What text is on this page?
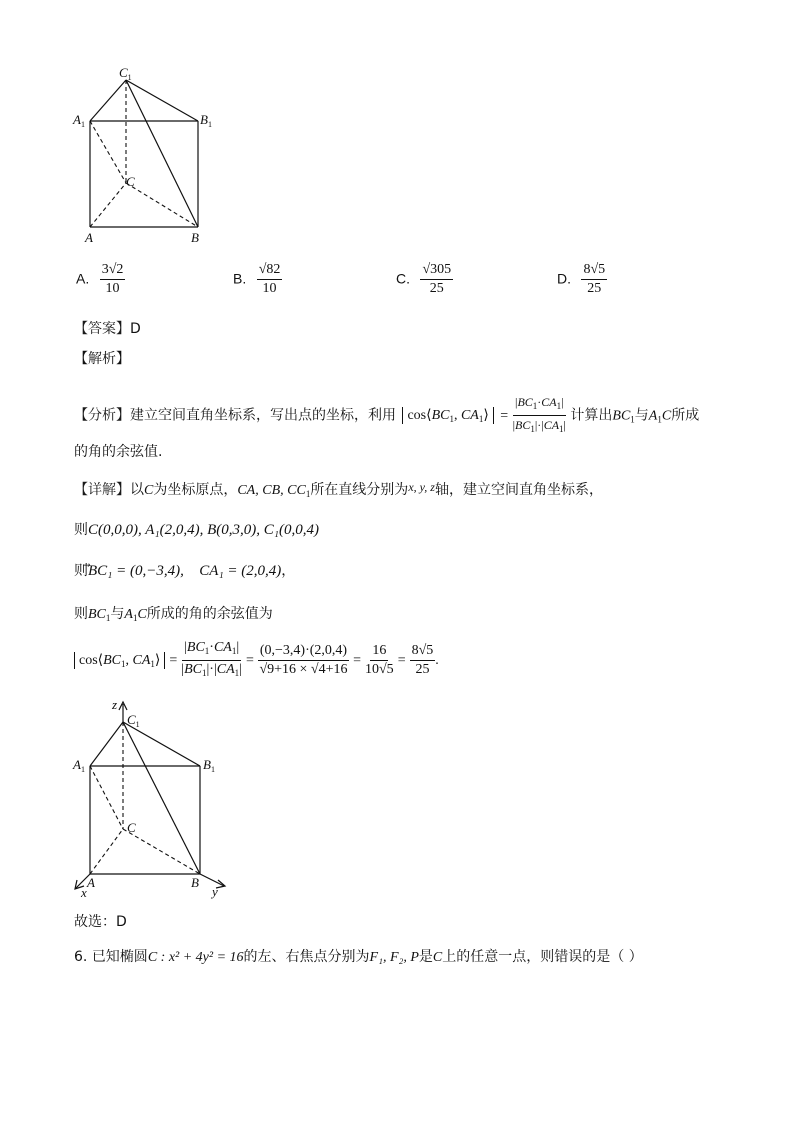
$C_1$
$A_1$	$B_1$
C
A	B
A. $\frac{3√2}{10}$	B. $\frac{√82}{10}$	C. $\frac{√305}{25}$	D. $\frac{8√5}{25}$
【答案】D
【解析】
【分析】建立空间直角坐标系，写出点的坐标，利用 $\cos⟨BC_1$, $CA_1⟩ = \frac{|BC_1\cdot CA_1|}{|BC_1|\cdot|CA_1|}$ 计算出$BC_1$与$A_1C$所成
的角的余弦值.
【详解】以C为坐标原点，CA, CB, $CC_1$所在直线分别为x, y, z轴，建立空间直角坐标系，
则C(0,0,0), A₁(2,0,4), B(0,3,0), C₁(0,0,4)
则⃗BC₁ = (0,−3,4), ⃗CA₁ = (2,0,4)，
则$BC_1$与$A_1C$所成的角的余弦值为
$\cos⟨BC_1$, $CA_1⟩ = \frac{|BC_1\cdot CA_1|}{|BC_1|\cdot|CA_1|} = \frac{(0,-3,4)\cdot(2,0,4)}{√9+16 \times √4+16} = \frac{16}{10√5} = \frac{8√5}{25}$ .
z
$C_1$
$A_1$	$B_1$
C
A	B
x	y
故选：D
6. 已知椭圆C : x² + 4y² = 16的左、右焦点分别为F₁, F₂, P是C上的任意一点，则错误的是（ ）
